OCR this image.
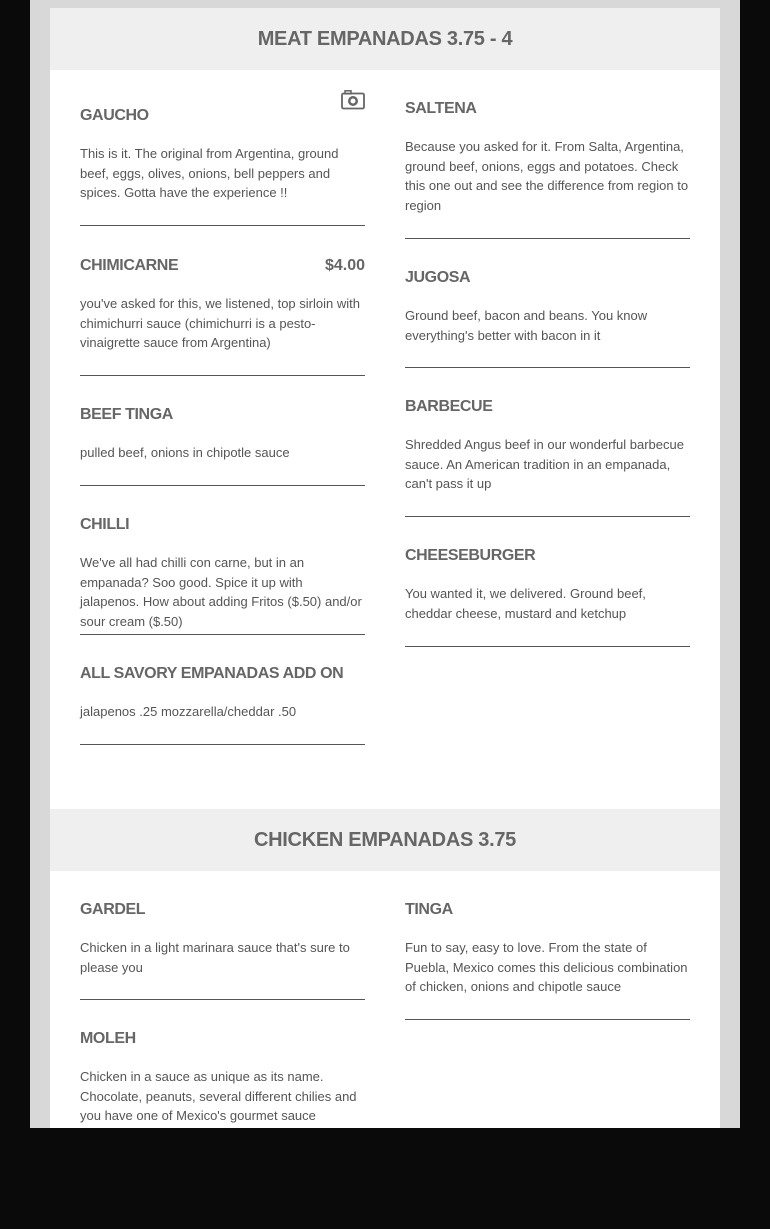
MEAT EMPANADAS 3.75 - 4
GAUCHO
This is it. The original from Argentina, ground beef, eggs, olives, onions, bell peppers and spices. Gotta have the experience !!
CHIMICARNE	$4.00
you've asked for this, we listened, top sirloin with chimichurri sauce (chimichurri is a pesto-vinaigrette sauce from Argentina)
BEEF TINGA
pulled beef, onions in chipotle sauce
CHILLI
We've all had chilli con carne, but in an empanada? Soo good. Spice it up with jalapenos. How about adding Fritos ($.50) and/or sour cream ($.50)
ALL SAVORY EMPANADAS ADD ON
jalapenos .25 mozzarella/cheddar .50
SALTENA
Because you asked for it. From Salta, Argentina, ground beef, onions, eggs and potatoes. Check this one out and see the difference from region to region
JUGOSA
Ground beef, bacon and beans. You know everything's better with bacon in it
BARBECUE
Shredded Angus beef in our wonderful barbecue sauce. An American tradition in an empanada, can't pass it up
CHEESEBURGER
You wanted it, we delivered. Ground beef, cheddar cheese, mustard and ketchup
CHICKEN EMPANADAS 3.75
GARDEL
Chicken in a light marinara sauce that's sure to please you
MOLEH
Chicken in a sauce as unique as its name. Chocolate, peanuts, several different chilies and you have one of Mexico's gourmet sauce
TINGA
Fun to say, easy to love. From the state of Puebla, Mexico comes this delicious combination of chicken, onions and chipotle sauce
